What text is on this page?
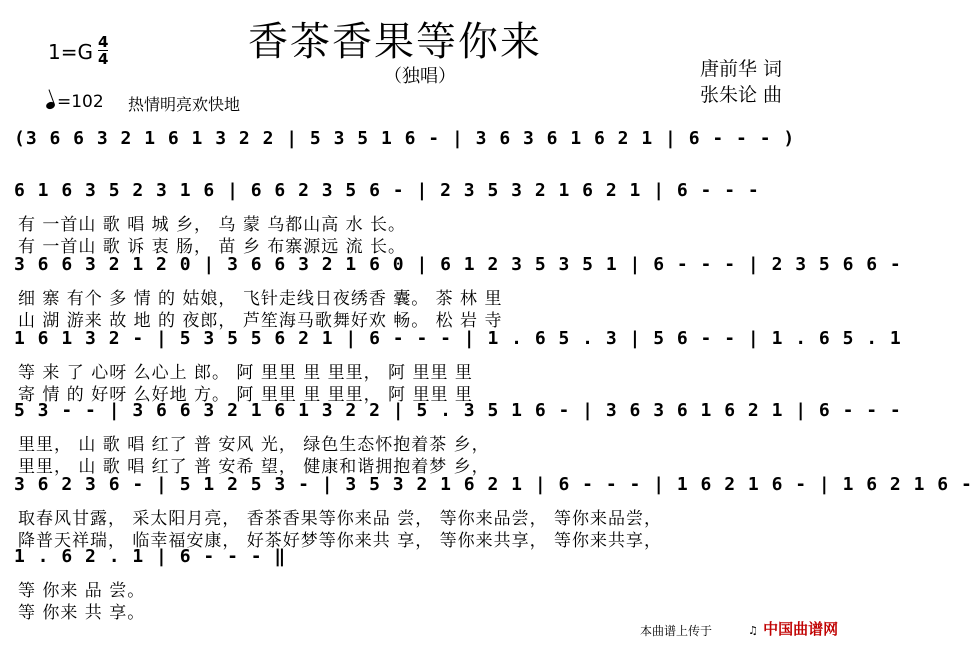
香茶香果等你来
（独唱）
1=G 4
4
=102 热情明亮欢快地
唐前华 词
张朱论 曲
(3 6 6 3 2 1 6 1 3 2 2 | 5 3 5 1 6 - | 3 6 3 6 1 6 2 1 | 6 - - - )
6 1 6 3 5 2 3 1 6 | 6 6 2 3 5 6 - | 2 3 5 3 2 1 6 2 1 | 6 - - -
有 一首山 歌 唱 城 乡， 乌 蒙 乌都山高 水 长。
有 一首山 歌 诉 衷 肠， 苗 乡 布寨源远 流 长。
3 6 6 3 2 1 2 0 | 3 6 6 3 2 1 6 0 | 6 1 2 3 5 3 5 1 | 6 - - - | 2 3 5 6 6 -
细 寨 有个 多 情 的 姑娘， 飞针走线日夜绣香 囊。 茶 林 里
山 湖 游来 故 地 的 夜郎， 芦笙海马歌舞好欢 畅。 松 岩 寺
1 6 1 3 2 - | 5 3 5 5 6 2 1 | 6 - - - | 1 . 6 5 . 3 | 5 6 - - | 1 . 6 5 . 1
等 来 了 心呀 么心上 郎。 阿 里里 里 里里， 阿 里里 里
寄 情 的 好呀 么好地 方。 阿 里里 里 里里， 阿 里里 里
5 3 - - | 3 6 6 3 2 1 6 1 3 2 2 | 5 . 3 5 1 6 - | 3 6 3 6 1 6 2 1 | 6 - - -
里里， 山 歌 唱 红了 普 安风 光， 绿色生态怀抱着茶 乡，
里里， 山 歌 唱 红了 普 安希 望， 健康和谐拥抱着梦 乡，
3 6 2 3 6 - | 5 1 2 5 3 - | 3 5 3 2 1 6 2 1 | 6 - - - | 1 6 2 1 6 - | 1 6 2 1 6 -
取春风甘露， 采太阳月亮， 香茶香果等你来品 尝， 等你来品尝， 等你来品尝，
降普天祥瑞， 临幸福安康， 好茶好梦等你来共 享， 等你来共享， 等你来共享，
1 . 6 2 . 1 | 6 - - - ‖
等 你来 品 尝。
等 你来 共 享。
本曲谱上传于	♫ 中国曲谱网
